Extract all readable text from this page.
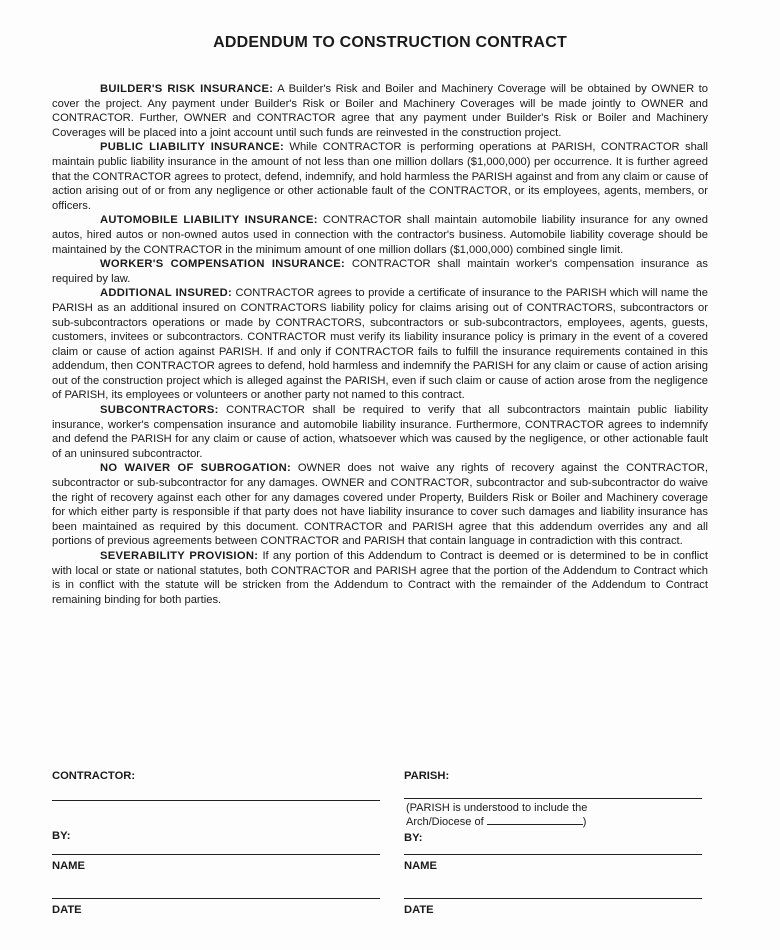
ADDENDUM TO CONSTRUCTION CONTRACT

BUILDER'S RISK INSURANCE: A Builder's Risk and Boiler and Machinery Coverage will be obtained by OWNER to cover the project. Any payment under Builder's Risk or Boiler and Machinery Coverages will be made jointly to OWNER and CONTRACTOR. Further, OWNER and CONTRACTOR agree that any payment under Builder's Risk or Boiler and Machinery Coverages will be placed into a joint account until such funds are reinvested in the construction project.

PUBLIC LIABILITY INSURANCE: While CONTRACTOR is performing operations at PARISH, CONTRACTOR shall maintain public liability insurance in the amount of not less than one million dollars ($1,000,000) per occurrence. It is further agreed that the CONTRACTOR agrees to protect, defend, indemnify, and hold harmless the PARISH against and from any claim or cause of action arising out of or from any negligence or other actionable fault of the CONTRACTOR, or its employees, agents, members, or officers.

AUTOMOBILE LIABILITY INSURANCE: CONTRACTOR shall maintain automobile liability insurance for any owned autos, hired autos or non-owned autos used in connection with the contractor's business. Automobile liability coverage should be maintained by the CONTRACTOR in the minimum amount of one million dollars ($1,000,000) combined single limit.

WORKER'S COMPENSATION INSURANCE: CONTRACTOR shall maintain worker's compensation insurance as required by law.

ADDITIONAL INSURED: CONTRACTOR agrees to provide a certificate of insurance to the PARISH which will name the PARISH as an additional insured on CONTRACTORS liability policy for claims arising out of CONTRACTORS, subcontractors or sub-subcontractors operations or made by CONTRACTORS, subcontractors or sub-subcontractors, employees, agents, guests, customers, invitees or subcontractors. CONTRACTOR must verify its liability insurance policy is primary in the event of a covered claim or cause of action against PARISH. If and only if CONTRACTOR fails to fulfill the insurance requirements contained in this addendum, then CONTRACTOR agrees to defend, hold harmless and indemnify the PARISH for any claim or cause of action arising out of the construction project which is alleged against the PARISH, even if such claim or cause of action arose from the negligence of PARISH, its employees or volunteers or another party not named to this contract.

SUBCONTRACTORS: CONTRACTOR shall be required to verify that all subcontractors maintain public liability insurance, worker's compensation insurance and automobile liability insurance. Furthermore, CONTRACTOR agrees to indemnify and defend the PARISH for any claim or cause of action, whatsoever which was caused by the negligence, or other actionable fault of an uninsured subcontractor.

NO WAIVER OF SUBROGATION: OWNER does not waive any rights of recovery against the CONTRACTOR, subcontractor or sub-subcontractor for any damages. OWNER and CONTRACTOR, subcontractor and sub-subcontractor do waive the right of recovery against each other for any damages covered under Property, Builders Risk or Boiler and Machinery coverage for which either party is responsible if that party does not have liability insurance to cover such damages and liability insurance has been maintained as required by this document. CONTRACTOR and PARISH agree that this addendum overrides any and all portions of previous agreements between CONTRACTOR and PARISH that contain language in contradiction with this contract.

SEVERABILITY PROVISION: If any portion of this Addendum to Contract is deemed or is determined to be in conflict with local or state or national statutes, both CONTRACTOR and PARISH agree that the portion of the Addendum to Contract which is in conflict with the statute will be stricken from the Addendum to Contract with the remainder of the Addendum to Contract remaining binding for both parties.

CONTRACTOR:
BY:
NAME
DATE
PARISH:
(PARISH is understood to include the
Arch/Diocese of	)
BY:
NAME
DATE
